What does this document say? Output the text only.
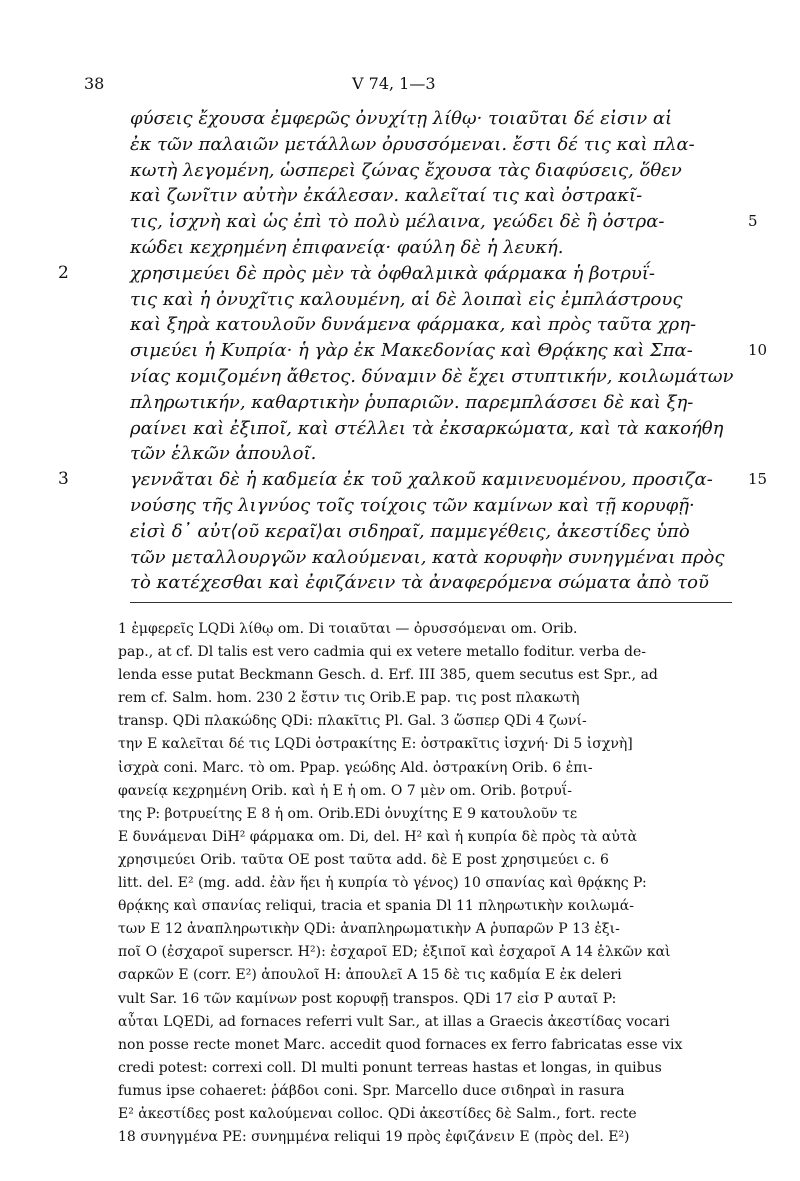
38	V 74, 1—3
φύσεις ἔχουσα ἐμφερῶς ὀνυχίτῃ λίθῳ· τοιαῦται δέ εἰσιν αἱ
ἐκ τῶν παλαιῶν μετάλλων ὀρυσσόμεναι. ἔστι δέ τις καὶ πλα-
κωτὴ λεγομένη, ὡσπερεὶ ζώνας ἔχουσα τὰς διαφύσεις, ὅθεν
καὶ ζωνῖτιν αὐτὴν ἐκάλεσαν. καλεῖταί τις καὶ ὀστρακῖ-
τις, ἰσχνὴ καὶ ὡς ἐπὶ τὸ πολὺ μέλαινα, γεώδει δὲ ἢ ὀστρα-	5
κώδει κεχρημένη ἐπιφανείᾳ· φαύλη δὲ ἡ λευκή.
2	χρησιμεύει δὲ πρὸς μὲν τὰ ὀφθαλμικὰ φάρμακα ἡ βοτρυΐ-
τις καὶ ἡ ὀνυχῖτις καλουμένη, αἱ δὲ λοιπαὶ εἰς ἐμπλάστρους
καὶ ξηρὰ κατουλοῦν δυνάμενα φάρμακα, καὶ πρὸς ταῦτα χρη-
σιμεύει ἡ Κυπρία· ἡ γὰρ ἐκ Μακεδονίας καὶ Θρᾴκης καὶ Σπα-	10
νίας κομιζομένη ἄθετος. δύναμιν δὲ ἔχει στυπτικήν, κοιλωμάτων
πληρωτικήν, καθαρτικὴν ῥυπαριῶν. παρεμπλάσσει δὲ καὶ ξη-
ραίνει καὶ ἐξιποῖ, καὶ στέλλει τὰ ἐκσαρκώματα, καὶ τὰ κακοήθη
τῶν ἑλκῶν ἀπουλοῖ.
3	γεννᾶται δὲ ἡ καδμεία ἐκ τοῦ χαλκοῦ καμινευομένου, προσιζα- 15
νούσης τῆς λιγνύος τοῖς τοίχοις τῶν καμίνων καὶ τῇ κορυφῇ·
εἰσὶ δ᾿ αὐτ⟨οῦ κεραῖ⟩αι σιδηραῖ, παμμεγέθεις, ἀκεστίδες ὑπὸ
τῶν μεταλλουργῶν καλούμεναι, κατὰ κορυφὴν συνηγμέναι πρὸς
τὸ κατέχεσθαι καὶ ἐφιζάνειν τὰ ἀναφερόμενα σώματα ἀπὸ τοῦ
1 ἐμφερεῖς LQDi λίθῳ om. Di τοιαῦται — ὀρυσσόμεναι om. Orib.
pap., at cf. Dl talis est vero cadmia qui ex vetere metallo foditur. verba de-
lenda esse putat Beckmann Gesch. d. Erf. III 385, quem secutus est Spr., ad
rem cf. Salm. hom. 230 2 ἔστιν τις Orib.E pap. τις post πλακωτὴ
transp. QDi πλακώδης QDi: πλακῖτις Pl. Gal. 3 ὥσπερ QDi 4 ζωνί-
την E καλεῖται δέ τις LQDi ὀστρακίτης E: ὀστρακῖτις ἰσχνή· Di 5 ἰσχνὴ]
ἰσχρὰ coni. Marc. τὸ om. Ppap. γεώδης Ald. ὀστρακίνη Orib. 6 ἐπι-
φανείᾳ κεχρημένη Orib. καὶ ἡ E ἡ om. O 7 μὲν om. Orib. βοτρυΐ-
της P: βοτρυείτης E 8 ἡ om. Orib.EDi ὀνυχίτης E 9 κατουλοῦν τε
E δυνάμεναι DiH² φάρμακα om. Di, del. H² καὶ ἡ κυπρία δὲ πρὸς τὰ αὐτὰ
χρησιμεύει Orib. ταῦτα OE post ταῦτα add. δὲ E post χρησιμεύει c. 6
litt. del. E² (mg. add. ἐὰν ἥει ἡ κυπρία τὸ γένος) 10 σπανίας καὶ θρᾴκης P:
θρᾴκης καὶ σπανίας reliqui, tracia et spania Dl 11 πληρωτικὴν κοιλωμά-
των E 12 ἀναπληρωτικὴν QDi: ἀναπληρωματικὴν A ῥυπαρῶν P 13 ἐξι-
ποῖ O (ἐσχαροῖ superscr. H²): ἐσχαροῖ ED; ἐξιποῖ καὶ ἐσχαροῖ A 14 ἑλκῶν καὶ
σαρκῶν E (corr. E²) ἀπουλοῖ H: ἀπουλεῖ A 15 δὲ τις καδμία E ἐκ deleri
vult Sar. 16 τῶν καμίνων post κορυφῇ transpos. QDi 17 εἰσ P αυταῖ P:
αὖται LQEDi, ad fornaces referri vult Sar., at illas a Graecis ἀκεστίδας vocari
non posse recte monet Marc. accedit quod fornaces ex ferro fabricatas esse vix
credi potest: correxi coll. Dl multi ponunt terreas hastas et longas, in quibus
fumus ipse cohaeret: ῥάβδοι coni. Spr. Marcello duce σιδηραὶ in rasura
E² ἀκεστίδες post καλούμεναι colloc. QDi ἀκεστίδες δὲ Salm., fort. recte
18 συνηγμένα PE: συνημμένα reliqui 19 πρὸς ἐφιζάνειν E (πρὸς del. E²)
